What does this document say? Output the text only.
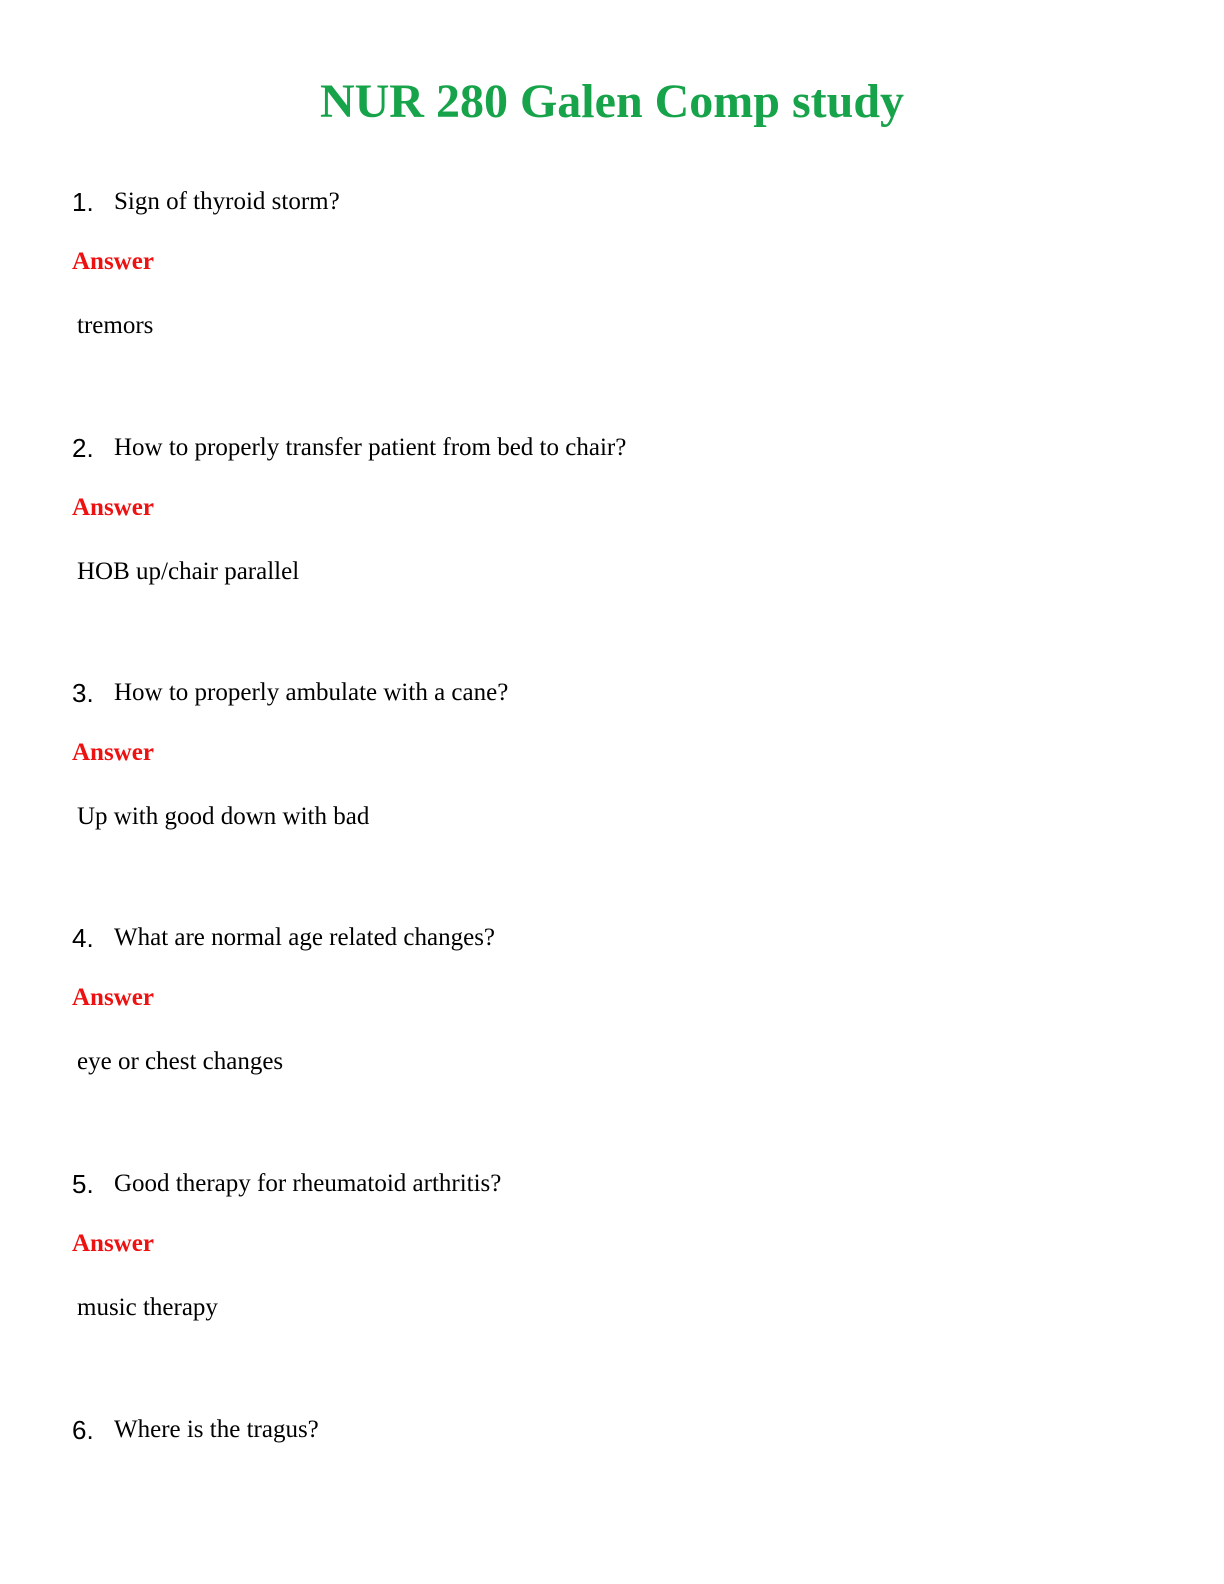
NUR 280 Galen Comp study
1. Sign of thyroid storm?
Answer
tremors
2. How to properly transfer patient from bed to chair?
Answer
HOB up/chair parallel
3. How to properly ambulate with a cane?
Answer
Up with good down with bad
4. What are normal age related changes?
Answer
eye or chest changes
5. Good therapy for rheumatoid arthritis?
Answer
music therapy
6. Where is the tragus?
